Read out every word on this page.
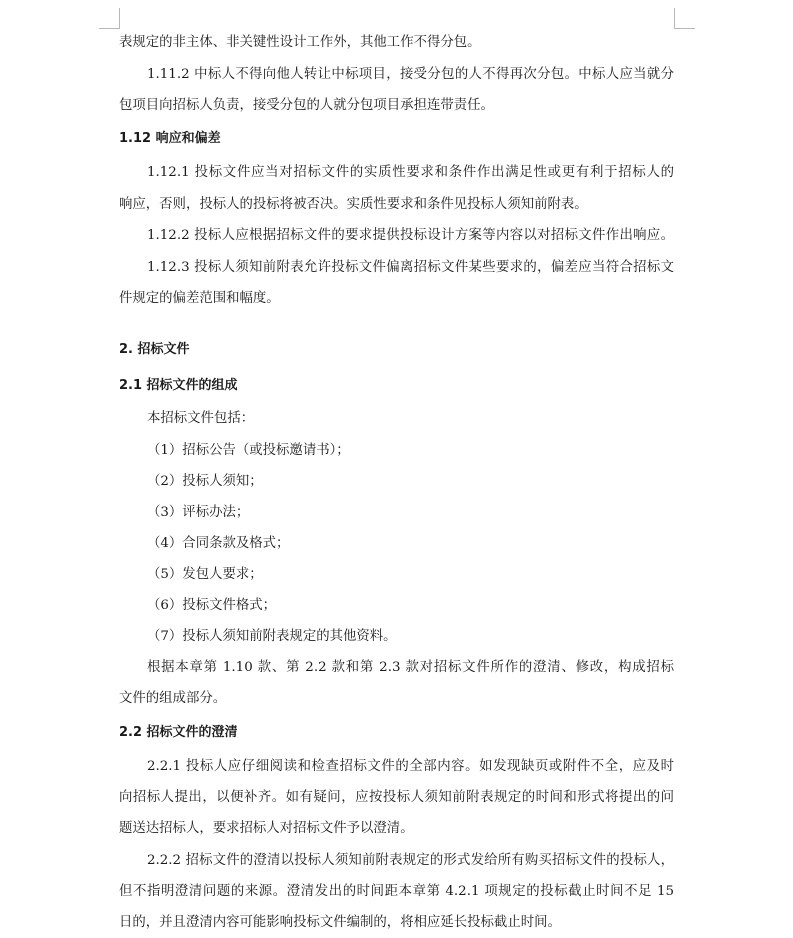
表规定的非主体、非关键性设计工作外，其他工作不得分包。
1.11.2 中标人不得向他人转让中标项目，接受分包的人不得再次分包。中标人应当就分
包项目向招标人负责，接受分包的人就分包项目承担连带责任。
1.12 响应和偏差
1.12.1 投标文件应当对招标文件的实质性要求和条件作出满足性或更有利于招标人的
响应，否则，投标人的投标将被否决。实质性要求和条件见投标人须知前附表。
1.12.2 投标人应根据招标文件的要求提供投标设计方案等内容以对招标文件作出响应。
1.12.3 投标人须知前附表允许投标文件偏离招标文件某些要求的，偏差应当符合招标文
件规定的偏差范围和幅度。
2. 招标文件
2.1 招标文件的组成
本招标文件包括：
（1）招标公告（或投标邀请书）；
（2）投标人须知；
（3）评标办法；
（4）合同条款及格式；
（5）发包人要求；
（6）投标文件格式；
（7）投标人须知前附表规定的其他资料。
根据本章第 1.10 款、第 2.2 款和第 2.3 款对招标文件所作的澄清、修改，构成招标
文件的组成部分。
2.2 招标文件的澄清
2.2.1 投标人应仔细阅读和检查招标文件的全部内容。如发现缺页或附件不全，应及时
向招标人提出，以便补齐。如有疑问，应按投标人须知前附表规定的时间和形式将提出的问
题送达招标人，要求招标人对招标文件予以澄清。
2.2.2 招标文件的澄清以投标人须知前附表规定的形式发给所有购买招标文件的投标人，
但不指明澄清问题的来源。澄清发出的时间距本章第 4.2.1 项规定的投标截止时间不足 15
日的，并且澄清内容可能影响投标文件编制的，将相应延长投标截止时间。
